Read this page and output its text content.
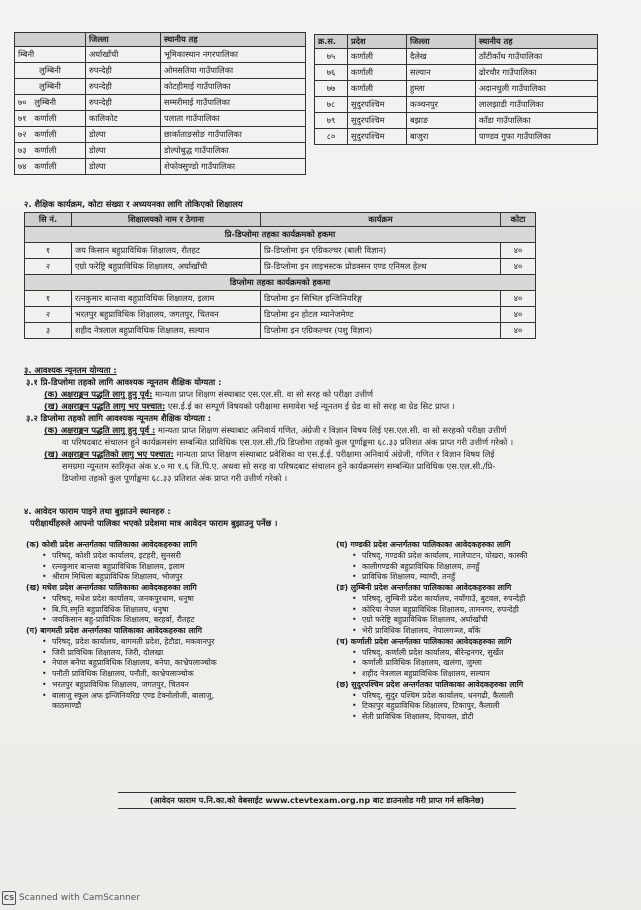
	जिल्ला	स्थानीय तह
म्बिनी	अर्घाखाँची	भूमिकास्थान नगरपालिका
लुम्बिनी	रुपन्देही	ओमसतिया गाउँपालिका
लुम्बिनी	रुपन्देही	कोटहीमाई गाउँपालिका
७० लुम्बिनी	रुपन्देही	सम्मरीमाई गाउँपालिका
७१ कर्णाली	कालिकोट	पलाता गाउँपालिका
७२ कर्णाली	डोल्पा	छार्काताङसोङ गाउँपालिका
७३ कर्णाली	डोल्पा	डोल्पोबुद्ध गाउँपालिका
७४ कर्णाली	डोल्पा	शेफोक्सुण्डो गाउँपालिका
क्र.स.	प्रदेश	जिल्ला	स्थानीय तह
७५	कर्णाली	दैलेख	ठाँटीकाँध गाउँपालिका
७६	कर्णाली	सल्यान	ढोरचौर गाउँपालिका
७७	कर्णाली	हुम्ला	अदानचुली गाउँपालिका
७८	सुदुरपश्चिम	कञ्चनपुर	लालझाडी गाउँपालिका
७९	सुदुरपश्चिम	बझाङ	काँडा गाउँपालिका
८०	सुदुरपश्चिम	बाजुरा	पाण्डव गुफा गाउँपालिका
२. शैक्षिक कार्यक्रम, कोटा संख्या र अध्ययनका लागि तोकिएको शिक्षालय
सि नं.	शिक्षालयको नाम र ठेगाना	कार्यक्रम	कोटा
प्रि-डिप्लोमा तहका कार्यक्रमको हकमा			
१	जय किसान बहुप्राविधिक शिक्षालय, रौतहट	प्रि-डिप्लोमा इन एग्रिकल्चर (बाली विज्ञान)	४०
२	एग्रो फरेष्ट्रि बहुप्राविधिक शिक्षालय, अर्घाखाँची	प्रि-डिप्लोमा इन लाइभस्टक प्रोडक्सन एण्ड एनिमल हेल्थ	४०
डिप्लोमा तहका कार्यक्रमको हकमा			
१	रत्नकुमार बान्तवा बहुप्राविधिक शिक्षालय, इलाम	डिप्लोमा इन सिभिल इन्जिनियरिङ्ग	४०
२	भरतपुर बहुप्राविधिक शिक्षालय, जगतपुर, चितवन	डिप्लोमा इन होटल म्यानेजमेण्ट	४०
३	शहीद नेत्रलाल बहुप्राविधिक शिक्षालय, सल्यान	डिप्लोमा इन एग्रिकल्चर (पशु विज्ञान)	४०
३. आवश्यक न्यूनतम योग्यता :
३.१ प्रि-डिप्लोमा तहको लागि आवश्यक न्यूनतम शैक्षिक योग्यता :
(क) अक्षराङ्कन पद्धति लागु हुनु पूर्व: मान्यता प्राप्त शिक्षण संस्थाबाट एस.एल.सी. वा सो सरह को परीक्षा उत्तीर्ण
(ख) अक्षराङ्कन पद्धति लागु भए पश्चात: एस.ई.ई का सम्पूर्ण विषयको परीक्षामा समावेश भई न्यूनतम ई ग्रेड वा सो सरह वा ग्रेड सिट प्राप्त ।
३.२ डिप्लोमा तहको लागि आवश्यक न्यूनतम शैक्षिक योग्यता :
(क) अक्षराङ्कन पद्धति लागु हुनु पूर्व : मान्यता प्राप्त शिक्षण संस्थाबाट अनिवार्य गणित, अंग्रेजी र विज्ञान विषय लिई एस.एल.सी. वा सो सरहको परीक्षा उत्तीर्ण
वा परिषदबाट संचालन हुने कार्यक्रमसंग सम्बन्धित प्राविधिक एस.एल.सी./प्रि डिप्लोमा तहको कुल पूर्णाङ्कमा ६८.३३ प्रतिशत अंक प्राप्त गरी उत्तीर्ण गरेको ।
(ख) अक्षराङ्कन पद्धतिको लागु भए पश्चात: मान्यता प्राप्त शिक्षण संस्थाबाट प्रवेशिका वा एस.ई.ई. परीक्षामा अनिवार्य अंग्रेजी, गणित र विज्ञान विषय लिई
समग्रमा न्यूनतम स्तरिकृत अंक ४.० मा १.६ जि.पि.ए. अथवा सो सरह वा परिषदबाट संचालन हुने कार्यक्रमसंग सम्बन्धित प्राविधिक एस.एल.सी./प्रि-
डिप्लोमा तहको कुल पूर्णाङ्कमा ६८.३३ प्रतिशत अंक प्राप्त गरी उत्तीर्ण गरेको ।
४. आवेदन फाराम पाइने तथा बुझाउने स्थानहरु :
परीक्षार्थीहरुले आफ्नो पालिका भएको प्रदेशमा मात्र आवेदन फाराम बुझाउनु पर्नेछ ।
(क) कोशी प्रदेश अन्तर्गतका पालिकाका आवेदकहरुका लागि
• परिषद्, कोशी प्रदेश कार्यालय, इटहरी, सुनसरी
• रत्नकुमार बान्तवा बहुप्राविधिक शिक्षालय, इलाम
• श्रीराम मिथिला बहुप्राविधिक शिक्षालय, भोजपुर
(ख) मधेश प्रदेश अन्तर्गतका पालिकाका आवेदकहरुका लागि
• परिषद्, मधेश प्रदेश कार्यालय, जनकपुरधाम, धनुषा
• बि.पि.स्मृति बहुप्राविधिक शिक्षालय, धनुषा
• जयकिसान बहु-प्राविधिक शिक्षालय, बरहर्वा, रौतहट
(ग) बागमती प्रदेश अन्तर्गतका पालिकाका आवेदकहरुका लागि
• परिषद्, प्रदेश कार्यालय, बागमती प्रदेश, हेटौडा, मकवानपुर
• जिरी प्राविधिक शिक्षालय, जिरी, दोलखा
• नेपाल बनेपा बहुप्राविधिक शिक्षालय, बनेपा, काभ्रेपलाञ्चोक
• पनौती प्राविधिक शिक्षालय, पनौती, काभ्रेपलाञ्चोक
• भरतपुर बहुप्राविधिक शिक्षालय, जगतपुर, चितवन
• बालाजु स्कूल अफ इन्जिनियरिङ एण्ड टेक्नोलोजी, बालाजु,
काठमाण्डौ
(घ) गण्डकी प्रदेश अन्तर्गतका पालिकाका आवेदकहरुका लागि
• परिषद्, गण्डकी प्रदेश कार्यालय, मालेपाटन, पोखरा, कास्की
• कालीगण्डकी बहुप्राविधिक शिक्षालय, तनहुँ
• प्राविधिक शिक्षालय, म्याग्दी, तनहुँ
(ङ) लुम्बिनी प्रदेश अन्तर्गतका पालिकाका आवेदकहरुका लागि
• परिषद्, लुम्बिनी प्रदेश कार्यालय, नयाँगाउँ, बुटवल, रुपन्देही
• कोरिया नेपाल बहुप्राविधिक शिक्षालय, तामनगर, रुपन्देही
• एग्रो फरेष्ट्रि बहुप्राविधिक शिक्षालय, अर्घाखाँची
• भेरी प्राविधिक शिक्षालय, नेपालगञ्ज, बाँके
(च) कर्णाली प्रदेश अन्तर्गतका पालिकाका आवेदकहरुका लागि
• परिषद्, कर्णाली प्रदेश कार्यालय, बीरेन्द्रनगर, सुर्खेत
• कर्णाली प्राविधिक शिक्षालय, खलंगा, जुम्ला
• शहीद नेत्रलाल बहुप्राविधिक शिक्षालय, सल्यान
(छ) सुदुरपश्चिम प्रदेश अन्तर्गतका पालिकाका आवेदकहरुका लागि
• परिषद्, सुदुर पश्चिम प्रदेश कार्यालय, धनगढी, कैलाली
• टिकापुर बहुप्राविधिक शिक्षालय, टिकापुर, कैलाली
• सेती प्राविधिक शिक्षालय, दिपायल, डोटी
(आवेदन फाराम प.नि.का.को वेबसाईट www.ctevtexam.org.np बाट डाउनलोड गरी प्राप्त गर्न सकिनेछ)
CS Scanned with CamScanner
